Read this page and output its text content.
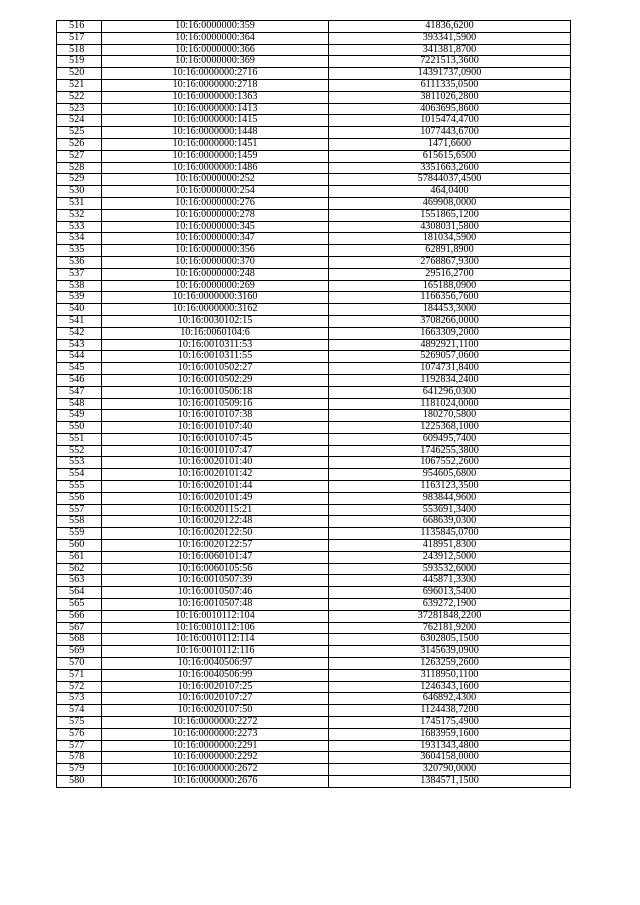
516	10:16:0000000:359	41836,6200
517	10:16:0000000:364	393341,5900
518	10:16:0000000:366	341381,8700
519	10:16:0000000:369	7221513,3600
520	10:16:0000000:2716	14391737,0900
521	10:16:0000000:2718	6111335,0500
522	10:16:0000000:1363	3811026,2800
523	10:16:0000000:1413	4063695,8600
524	10:16:0000000:1415	1015474,4700
525	10:16:0000000:1448	1077443,6700
526	10:16:0000000:1451	1471,6600
527	10:16:0000000:1459	615615,6500
528	10:16:0000000:1486	3351663,2600
529	10:16:0000000:252	57844037,4500
530	10:16:0000000:254	464,0400
531	10:16:0000000:276	469908,0000
532	10:16:0000000:278	1551865,1200
533	10:16:0000000:345	4308031,5800
534	10:16:0000000:347	181034,5900
535	10:16:0000000:356	62891,8900
536	10:16:0000000:370	2768867,9300
537	10:16:0000000:248	29516,2700
538	10:16:0000000:269	165188,0900
539	10:16:0000000:3160	1166356,7600
540	10:16:0000000:3162	184453,3000
541	10:16:0030102:15	3708266,0000
542	10:16:0060104:6	1663309,2000
543	10:16:0010311:53	4892921,1100
544	10:16:0010311:55	5269057,0600
545	10:16:0010502:27	1074731,8400
546	10:16:0010502:29	1192834,2400
547	10:16:0010506:18	641296,0300
548	10:16:0010509:16	1181024,0000
549	10:16:0010107:38	180270,5800
550	10:16:0010107:40	1225368,1000
551	10:16:0010107:45	609495,7400
552	10:16:0010107:47	1746255,3800
553	10:16:0020101:40	1067552,2600
554	10:16:0020101:42	954605,6800
555	10:16:0020101:44	1163123,3500
556	10:16:0020101:49	983844,9600
557	10:16:0020115:21	553691,3400
558	10:16:0020122:48	668639,0300
559	10:16:0020122:50	1135845,0700
560	10:16:0020122:57	418951,8300
561	10:16:0060101:47	243912,5000
562	10:16:0060105:56	593532,6000
563	10:16:0010507:39	445871,3300
564	10:16:0010507:46	696013,5400
565	10:16:0010507:48	639272,1900
566	10:16:0010112:104	37281848,2200
567	10:16:0010112:106	762181,9200
568	10:16:0010112:114	6302805,1500
569	10:16:0010112:116	3145639,0900
570	10:16:0040506:97	1263259,2600
571	10:16:0040506:99	3118950,1100
572	10:16:0020107:25	1246343,1600
573	10:16:0020107:27	646892,4300
574	10:16:0020107:50	1124438,7200
575	10:16:0000000:2272	1745175,4900
576	10:16:0000000:2273	1683959,1600
577	10:16:0000000:2291	1931343,4800
578	10:16:0000000:2292	3604158,0000
579	10:16:0000000:2672	320790,0000
580	10:16:0000000:2676	1384571,1500
